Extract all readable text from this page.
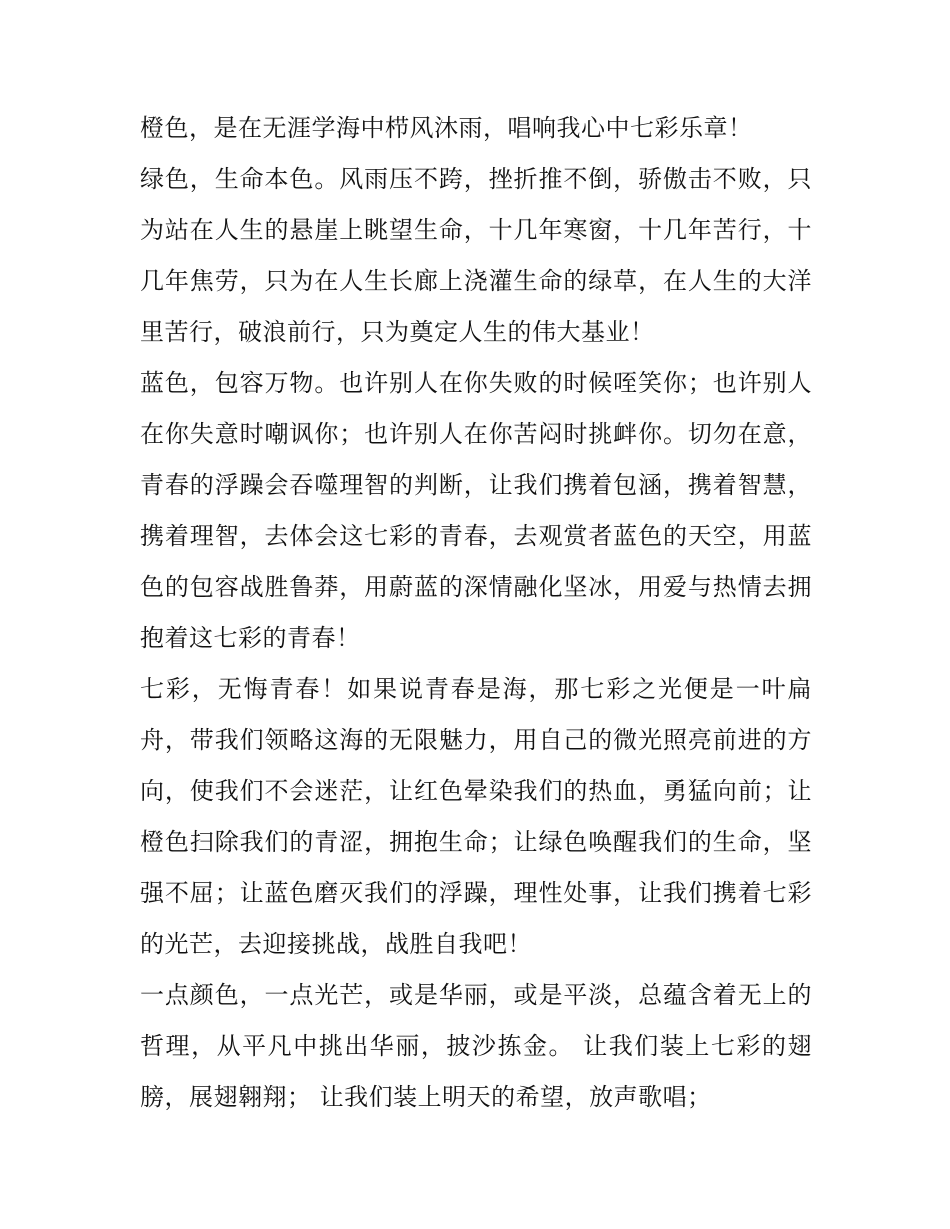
橙色，是在无涯学海中栉风沐雨，唱响我心中七彩乐章！
绿色，生命本色。风雨压不跨，挫折推不倒，骄傲击不败，只
为站在人生的悬崖上眺望生命，十几年寒窗，十几年苦行，十
几年焦劳，只为在人生长廊上浇灌生命的绿草，在人生的大洋
里苦行，破浪前行，只为奠定人生的伟大基业！
蓝色，包容万物。也许别人在你失败的时候咥笑你；也许别人
在你失意时嘲讽你；也许别人在你苦闷时挑衅你。切勿在意，
青春的浮躁会吞噬理智的判断，让我们携着包涵，携着智慧，
携着理智，去体会这七彩的青春，去观赏者蓝色的天空，用蓝
色的包容战胜鲁莽，用蔚蓝的深情融化坚冰，用爱与热情去拥
抱着这七彩的青春！
七彩，无悔青春！如果说青春是海，那七彩之光便是一叶扁
舟，带我们领略这海的无限魅力，用自己的微光照亮前进的方
向，使我们不会迷茫，让红色晕染我们的热血，勇猛向前；让
橙色扫除我们的青涩，拥抱生命；让绿色唤醒我们的生命，坚
强不屈；让蓝色磨灭我们的浮躁，理性处事，让我们携着七彩
的光芒，去迎接挑战，战胜自我吧！
一点颜色，一点光芒，或是华丽，或是平淡，总蕴含着无上的
哲理，从平凡中挑出华丽，披沙拣金。 让我们装上七彩的翅
膀，展翅翱翔； 让我们装上明天的希望，放声歌唱；
